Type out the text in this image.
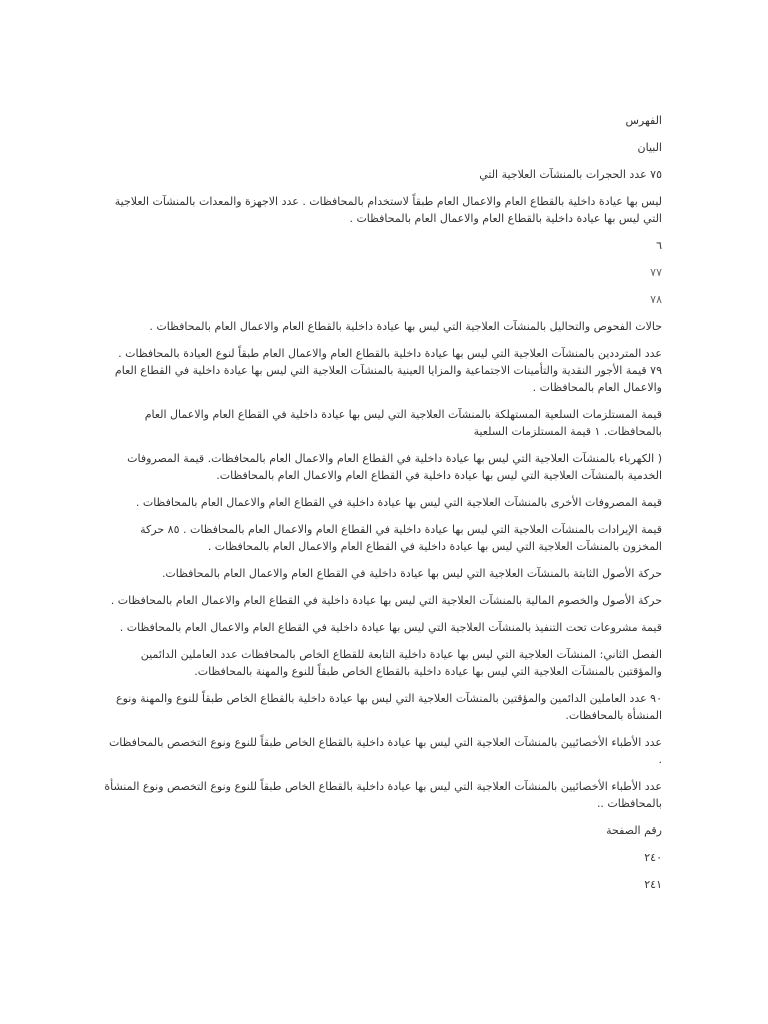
الفهرس

البيان

٧٥ عدد الحجرات بالمنشآت العلاجية التي

ليس بها عيادة داخلية بالقطاع العام والاعمال العام طبقاً لاستخدام بالمحافظات . عدد الاجهزة والمعدات بالمنشآت العلاجية التي ليس بها عيادة داخلية بالقطاع العام والاعمال العام بالمحافظات .

٦

٧٧

٧٨

حالات الفحوص والتحاليل بالمنشآت العلاجية التي ليس بها عيادة داخلية بالقطاع العام والاعمال العام بالمحافظات .

عدد المترددين بالمنشآت العلاجية التي ليس بها عيادة داخلية بالقطاع العام والاعمال العام طبقاً لنوع العيادة بالمحافظات . ٧٩ قيمة الأجور النقدية والتأمينات الاجتماعية والمزايا العينية بالمنشآت العلاجية التي ليس بها عيادة داخلية في القطاع العام والاعمال العام بالمحافظات .

قيمة المستلزمات السلعية المستهلكة بالمنشآت العلاجية التي ليس بها عيادة داخلية في القطاع العام والاعمال العام بالمحافظات. ١ قيمة المستلزمات السلعية

( الكهرباء بالمنشآت العلاجية التي ليس بها عيادة داخلية في القطاع العام والاعمال العام بالمحافظات. قيمة المصروفات الخدمية بالمنشآت العلاجية التي ليس بها عيادة داخلية في القطاع العام والاعمال العام بالمحافظات.

قيمة المصروفات الأخرى بالمنشآت العلاجية التي ليس بها عيادة داخلية في القطاع العام والاعمال العام بالمحافظات .

قيمة الإيرادات بالمنشآت العلاجية التي ليس بها عيادة داخلية في القطاع العام والاعمال العام بالمحافظات . ٨٥ حركة المخزون بالمنشآت العلاجية التي ليس بها عيادة داخلية في القطاع العام والاعمال العام بالمحافظات .

حركة الأصول الثابتة بالمنشآت العلاجية التي ليس بها عيادة داخلية في القطاع العام والاعمال العام بالمحافظات.

حركة الأصول والخصوم المالية بالمنشآت العلاجية التي ليس بها عيادة داخلية في القطاع العام والاعمال العام بالمحافظات .

قيمة مشروعات تحت التنفيذ بالمنشآت العلاجية التي ليس بها عيادة داخلية في القطاع العام والاعمال العام بالمحافظات .

الفصل الثاني: المنشآت العلاجية التي ليس بها عيادة داخلية التابعة للقطاع الخاص بالمحافظات عدد العاملين الدائمين والمؤقتين بالمنشآت العلاجية التي ليس بها عيادة داخلية بالقطاع الخاص طبقاً للنوع والمهنة بالمحافظات.

٩٠ عدد العاملين الدائمين والمؤقتين بالمنشآت العلاجية التي ليس بها عيادة داخلية بالقطاع الخاص طبقاً للنوع والمهنة ونوع المنشأة بالمحافظات.

عدد الأطباء الأخصائيين بالمنشآت العلاجية التي ليس بها عيادة داخلية بالقطاع الخاص طبقاً للنوع ونوع التخصص بالمحافظات .

عدد الأطباء الأخصائيين بالمنشآت العلاجية التي ليس بها عيادة داخلية بالقطاع الخاص طبقاً للنوع ونوع التخصص ونوع المنشأة بالمحافظات ..

رقم الصفحة

٢٤٠

٢٤١
